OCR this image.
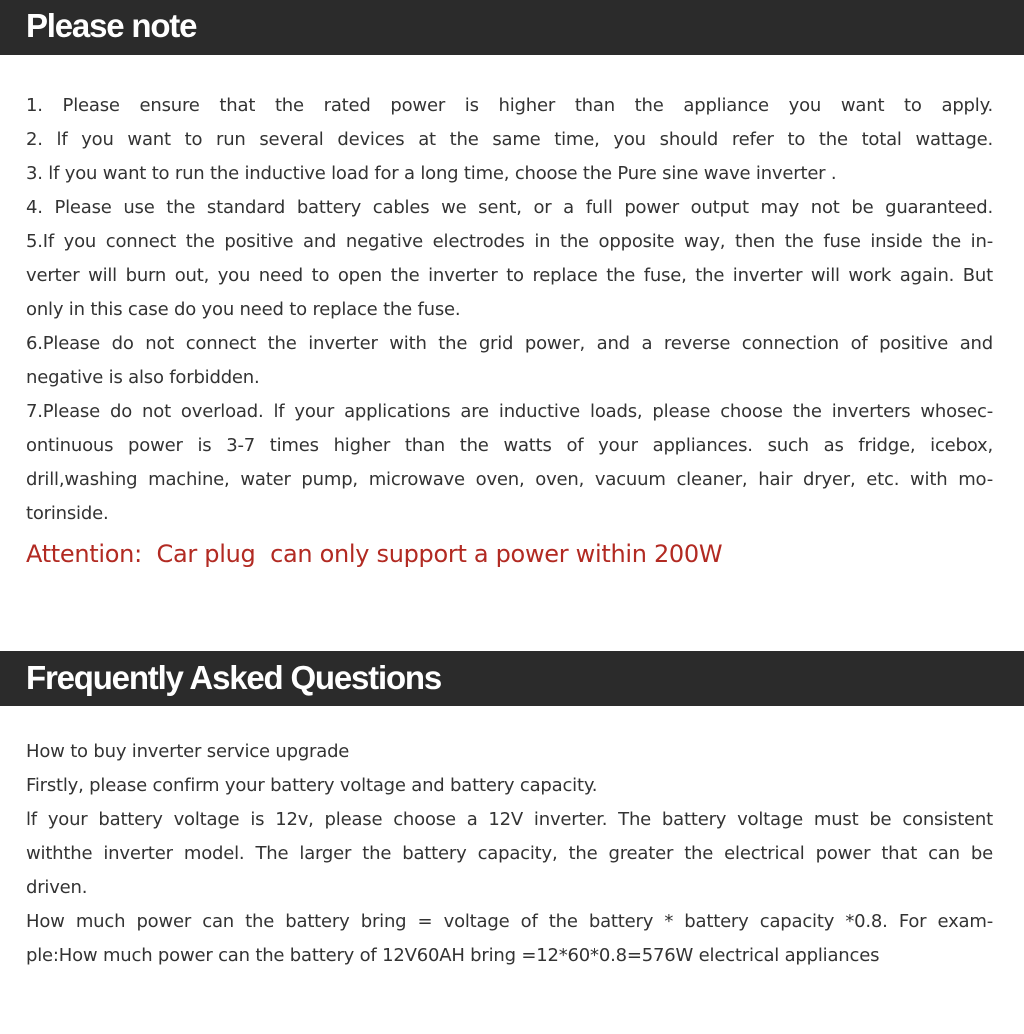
Please note
1. Please ensure that the rated power is higher than the appliance you want to apply.
2. lf you want to run several devices at the same time, you should refer to the total wattage.
3. lf you want to run the inductive load for a long time, choose the Pure sine wave inverter .
4. Please use the standard battery cables we sent, or a full power output may not be guaranteed.
5.If you connect the positive and negative electrodes in the opposite way, then the fuse inside the in-
verter will burn out, you need to open the inverter to replace the fuse, the inverter will work again. But
only in this case do you need to replace the fuse.
6.Please do not connect the inverter with the grid power, and a reverse connection of positive and
negative is also forbidden.
7.Please do not overload. lf your applications are inductive loads, please choose the inverters whosec-
ontinuous power is 3-7 times higher than the watts of your appliances. such as fridge, icebox,
drill,washing machine, water pump, microwave oven, oven, vacuum cleaner, hair dryer, etc. with mo-
torinside.
Attention:  Car plug  can only support a power within 200W
Frequently Asked Questions
How to buy inverter service upgrade
Firstly, please confirm your battery voltage and battery capacity.
lf your battery voltage is 12v, please choose a 12V inverter. The battery voltage must be consistent
withthe inverter model. The larger the battery capacity, the greater the electrical power that can be
driven.
How much power can the battery bring = voltage of the battery * battery capacity *0.8. For exam-
ple:How much power can the battery of 12V60AH bring =12*60*0.8=576W electrical appliances
